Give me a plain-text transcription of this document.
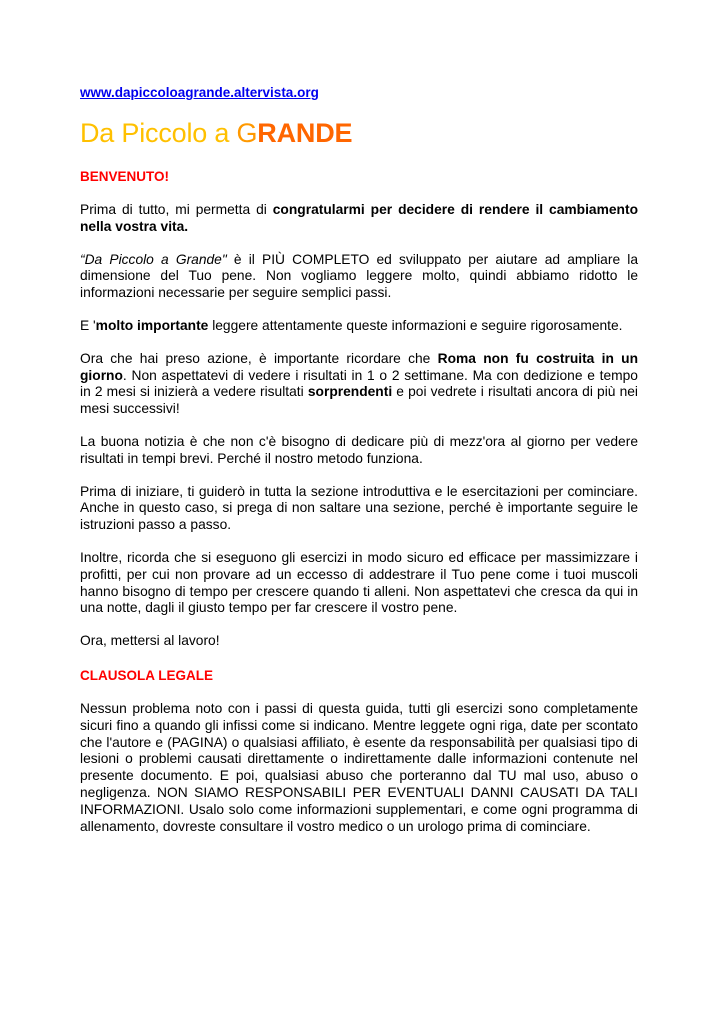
www.dapiccoloagrande.altervista.org
Da Piccolo a GRANDE
BENVENUTO!

Prima di tutto, mi permetta di congratularmi per decidere di rendere il cambiamento nella vostra vita.

“Da Piccolo a Grande" è il PIÙ COMPLETO ed sviluppato per aiutare ad ampliare la dimensione del Tuo pene. Non vogliamo leggere molto, quindi abbiamo ridotto le informazioni necessarie per seguire semplici passi.

E 'molto importante leggere attentamente queste informazioni e seguire rigorosamente.

Ora che hai preso azione, è importante ricordare che Roma non fu costruita in un giorno. Non aspettatevi di vedere i risultati in 1 o 2 settimane. Ma con dedizione e tempo in 2 mesi si inizierà a vedere risultati sorprendenti e poi vedrete i risultati ancora di più nei mesi successivi!

La buona notizia è che non c'è bisogno di dedicare più di mezz'ora al giorno per vedere risultati in tempi brevi. Perché il nostro metodo funziona.

Prima di iniziare, ti guiderò in tutta la sezione introduttiva e le esercitazioni per cominciare. Anche in questo caso, si prega di non saltare una sezione, perché è importante seguire le istruzioni passo a passo.

Inoltre, ricorda che si eseguono gli esercizi in modo sicuro ed efficace per massimizzare i profitti, per cui non provare ad un eccesso di addestrare il Tuo pene come i tuoi muscoli hanno bisogno di tempo per crescere quando ti alleni. Non aspettatevi che cresca da qui in una notte, dagli il giusto tempo per far crescere il vostro pene.

Ora, mettersi al lavoro!

CLAUSOLA LEGALE

Nessun problema noto con i passi di questa guida, tutti gli esercizi sono completamente sicuri fino a quando gli infissi come si indicano. Mentre leggete ogni riga, date per scontato che l'autore e (PAGINA) o qualsiasi affiliato, è esente da responsabilità per qualsiasi tipo di lesioni o problemi causati direttamente o indirettamente dalle informazioni contenute nel presente documento. E poi, qualsiasi abuso che porteranno dal TU mal uso, abuso o negligenza. NON SIAMO RESPONSABILI PER EVENTUALI DANNI CAUSATI DA TALI INFORMAZIONI. Usalo solo come informazioni supplementari, e come ogni programma di allenamento, dovreste consultare il vostro medico o un urologo prima di cominciare.
